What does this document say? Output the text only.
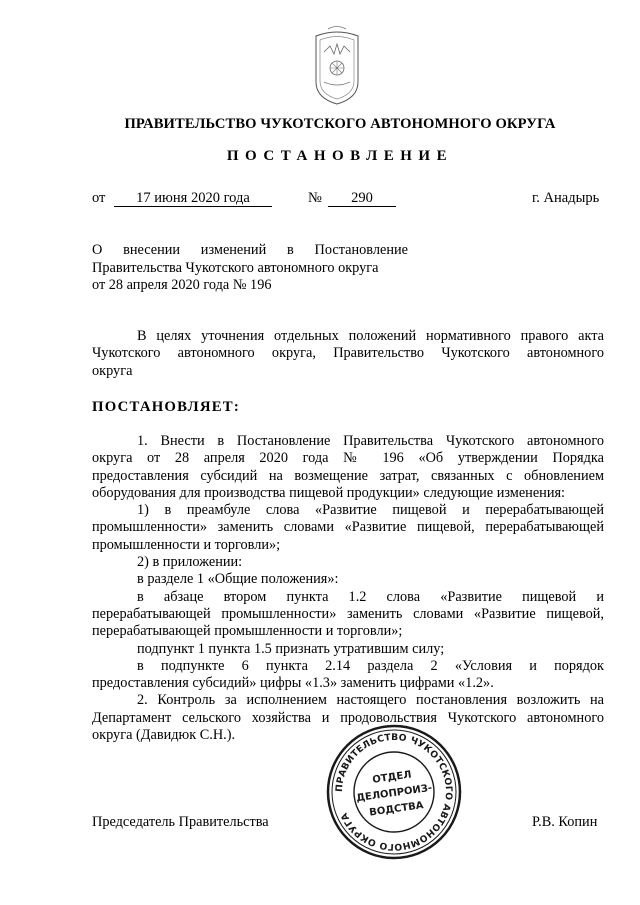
ПРАВИТЕЛЬСТВО ЧУКОТСКОГО АВТОНОМНОГО ОКРУГА
ПОСТАНОВЛЕНИЕ
от	17 июня 2020 года	№	290	г. Анадырь
О внесении изменений в Постановление
Правительства Чукотского автономного округа
от 28 апреля 2020 года № 196
В целях уточнения отдельных положений нормативного правого акта
Чукотского автономного округа, Правительство Чукотского автономного
округа
ПОСТАНОВЛЯЕТ:
1. Внести в Постановление Правительства Чукотского автономного
округа от 28 апреля 2020 года № 196 «Об утверждении Порядка
предоставления субсидий на возмещение затрат, связанных с обновлением
оборудования для производства пищевой продукции» следующие изменения:
1) в преамбуле слова «Развитие пищевой и перерабатывающей
промышленности» заменить словами «Развитие пищевой, перерабатывающей
промышленности и торговли»;
2) в приложении:
в разделе 1 «Общие положения»:
в абзаце втором пункта 1.2 слова «Развитие пищевой и
перерабатывающей промышленности» заменить словами «Развитие пищевой,
перерабатывающей промышленности и торговли»;
подпункт 1 пункта 1.5 признать утратившим силу;
в подпункте 6 пункта 2.14 раздела 2 «Условия и порядок
предоставления субсидий» цифры «1.3» заменить цифрами «1.2».
2. Контроль за исполнением настоящего постановления возложить на
Департамент сельского хозяйства и продовольствия Чукотского автономного
округа (Давидюк С.Н.).
ПРАВИТЕЛЬСТВО ЧУКОТСКОГО АВТОНОМНОГО ОКРУГА
ОТДЕЛ
ДЕЛОПРОИЗ-
ВОДСТВА
Председатель Правительства	Р.В. Копин
